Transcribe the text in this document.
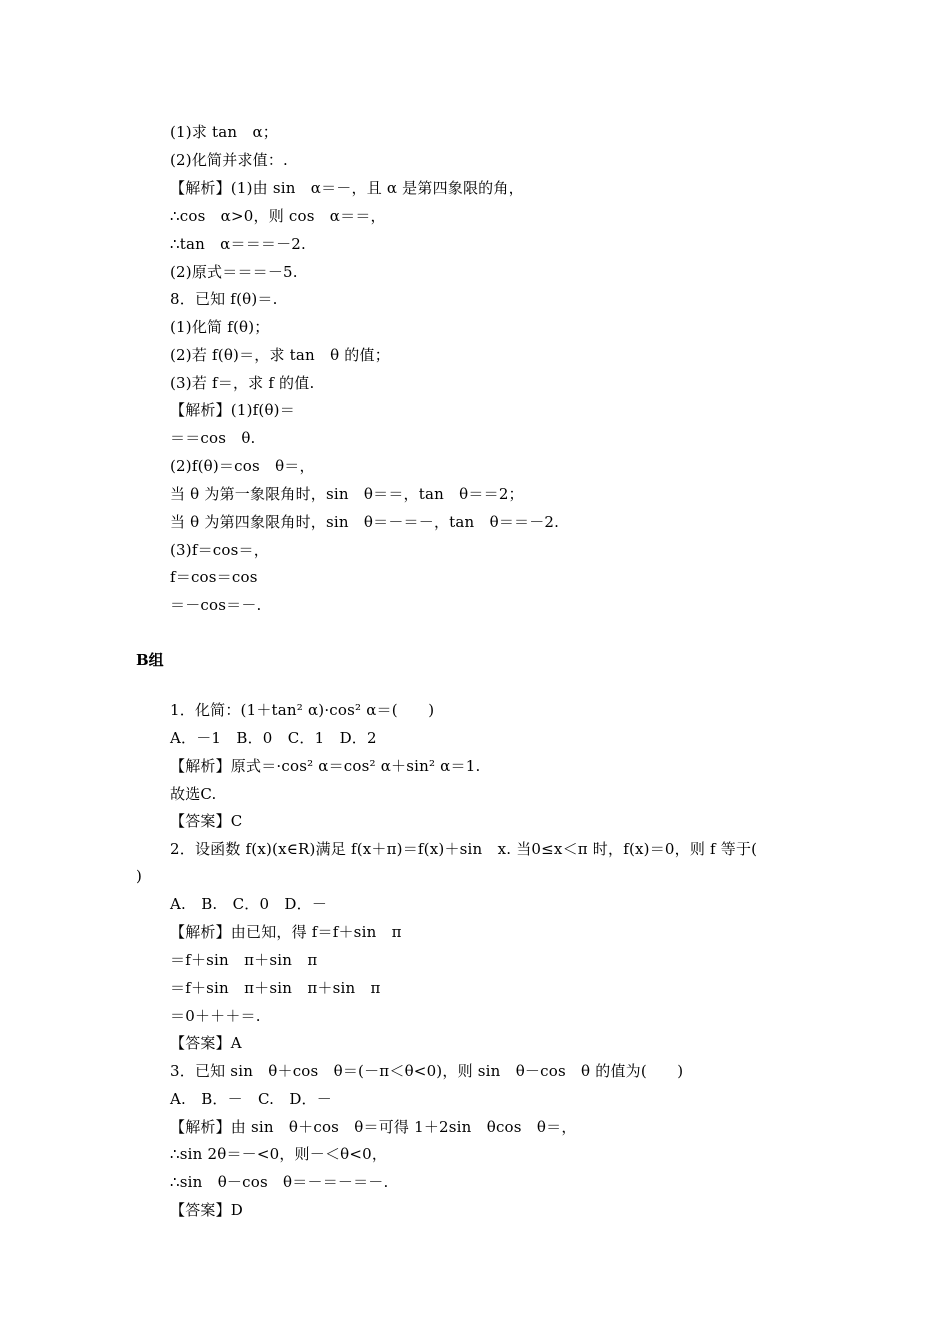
(1)求 tan　α；
(2)化简并求值：.
【解析】(1)由 sin　α＝－，且 α 是第四象限的角，
∴cos　α>0，则 cos　α＝＝，
∴tan　α＝＝＝－2.
(2)原式＝＝＝－5.
8．已知 f(θ)＝.
(1)化简 f(θ)；
(2)若 f(θ)＝，求 tan　θ 的值；
(3)若 f＝，求 f 的值.
【解析】(1)f(θ)＝
＝＝cos　θ.
(2)f(θ)＝cos　θ＝，
当 θ 为第一象限角时，sin　θ＝＝，tan　θ＝＝2；
当 θ 为第四象限角时，sin　θ＝－＝－，tan　θ＝＝－2.
(3)f＝cos＝，
f＝cos＝cos
＝－cos＝－.
B组
1．化简：(1＋tan² α)·cos² α＝(　　)
A．－1　B．0　C．1　D．2
【解析】原式＝·cos² α＝cos² α＋sin² α＝1.
故选C.
【答案】C
2．设函数 f(x)(x∈R)满足 f(x＋π)＝f(x)＋sin　x. 当0≤x＜π 时，f(x)＝0，则 f 等于(
)
A.　B.　C．0　D．－
【解析】由已知，得 f＝f＋sin　π
＝f＋sin　π＋sin　π
＝f＋sin　π＋sin　π＋sin　π
＝0＋＋＋＝.
【答案】A
3．已知 sin　θ＋cos　θ＝(－π＜θ<0)，则 sin　θ－cos　θ 的值为(　　)
A.　B．－　C.　D．－
【解析】由 sin　θ＋cos　θ＝可得 1＋2sin　θcos　θ＝，
∴sin 2θ＝－<0，则－＜θ<0，
∴sin　θ－cos　θ＝－＝－＝－.
【答案】D
